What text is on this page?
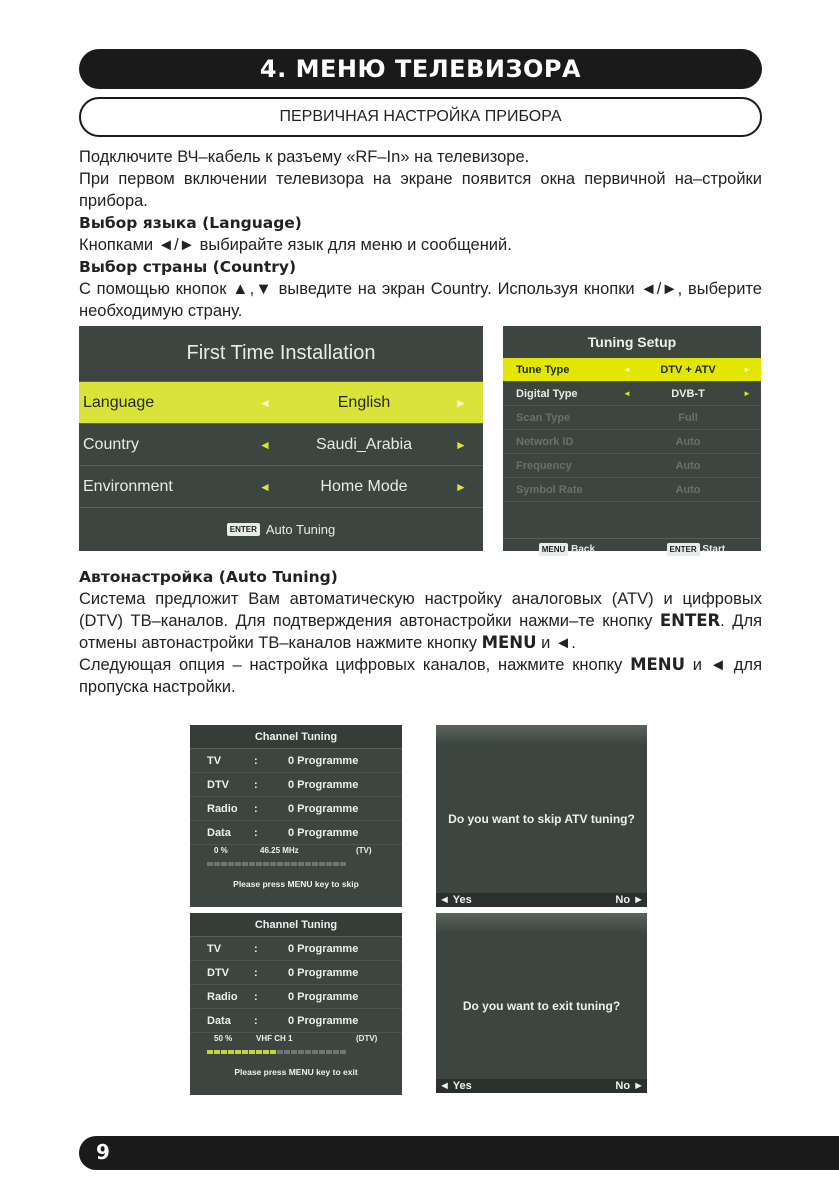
4. МЕНЮ ТЕЛЕВИЗОРА
ПЕРВИЧНАЯ НАСТРОЙКА ПРИБОРА

Подключите ВЧ–кабель к разъему «RF–In» на телевизоре.

При первом включении телевизора на экране появится окна первичной на–стройки прибора.

Выбор языка (Language)

Кнопками ◄/► выбирайте язык для меню и сообщений.

Выбор страны (Country)

С помощью кнопок ▲,▼ выведите на экран Country. Используя кнопки ◄/►, выберите необходимую страну.

First Time Installation
Language	◄	English	►
Country	◄	Saudi_Arabia	►
Environment	◄	Home Mode	►
ENTER Auto Tuning
Tuning Setup
Tune Type	◄	DTV + ATV	►
Digital Type	◄	DVB-T	►
Scan Type	Full
Network ID	Auto
Frequency	Auto
Symbol Rate	Auto
MENU Back	ENTER Start

Автонастройка (Auto Tuning)

Система предложит Вам автоматическую настройку аналоговых (ATV) и цифровых (DTV) ТВ–каналов. Для подтверждения автонастройки нажми–те кнопку ENTER. Для отмены автонастройки ТВ–каналов нажмите кнопку MENU и ◄.

Следующая опция – настройка цифровых каналов, нажмите кнопку MENU и ◄ для пропуска настройки.

Channel Tuning
TV	:	0 Programme
DTV :	0 Programme
Radio :	0 Programme
Data :	0 Programme
0 %	46.25 MHz	(TV)
Please press MENU key to skip
Channel Tuning
TV	:	0 Programme
DTV :	0 Programme
Radio :	0 Programme
Data :	0 Programme
50 %	VHF CH 1	(DTV)
Please press MENU key to exit
Do you want to skip ATV tuning?
◄ Yes	No ►
Do you want to exit tuning?
◄ Yes	No ►
9
